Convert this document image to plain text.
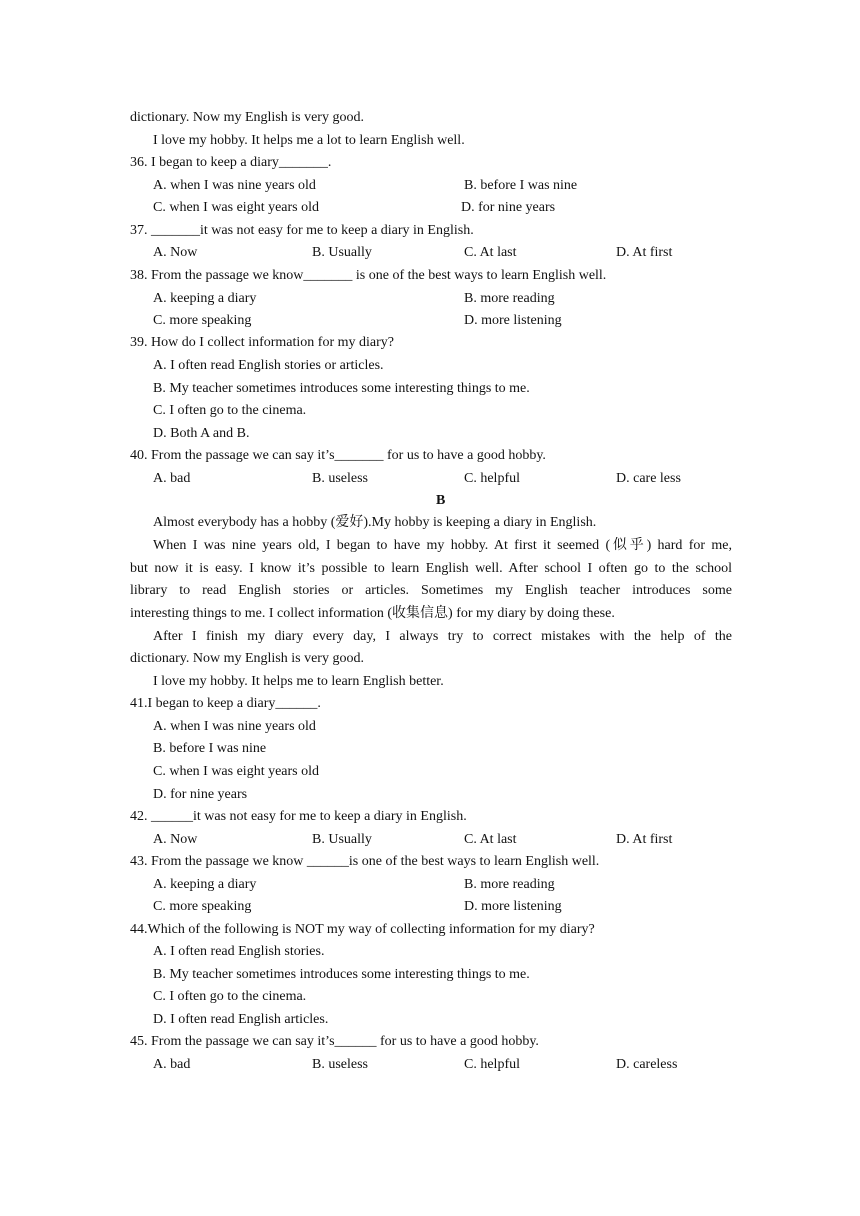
dictionary. Now my English is very good.
I love my hobby. It helps me a lot to learn English well.
36. I began to keep a diary_______.
A. when I was nine years old	B. before I was nine
C. when I was eight years old	D. for nine years
37. _______it was not easy for me to keep a diary in English.
A. Now	B. Usually	C. At last	D. At first
38. From the passage we know_______ is one of the best ways to learn English well.
A. keeping a diary	B. more reading
C. more speaking	D. more listening
39. How do I collect information for my diary?
A. I often read English stories or articles.
B. My teacher sometimes introduces some interesting things to me.
C. I often go to the cinema.
D. Both A and B.
40. From the passage we can say it’s_______ for us to have a good hobby.
A. bad	B. useless	C. helpful	D. care less
B
Almost everybody has a hobby (爱好).My hobby is keeping a diary in English.
When I was nine years old, I began to have my hobby. At first it seemed (似乎) hard for me,
but now it is easy. I know it’s possible to learn English well. After school I often go to the school
library to read English stories or articles. Sometimes my English teacher introduces some
interesting things to me. I collect information (收集信息) for my diary by doing these.
After I finish my diary every day, I always try to correct mistakes with the help of the
dictionary. Now my English is very good.
I love my hobby. It helps me to learn English better.
41.I began to keep a diary______.
A. when I was nine years old
B. before I was nine
C. when I was eight years old
D. for nine years
42. ______it was not easy for me to keep a diary in English.
A. Now	B. Usually	C. At last	D. At first
43. From the passage we know ______is one of the best ways to learn English well.
A. keeping a diary	B. more reading
C. more speaking	D. more listening
44.Which of the following is NOT my way of collecting information for my diary?
A. I often read English stories.
B. My teacher sometimes introduces some interesting things to me.
C. I often go to the cinema.
D. I often read English articles.
45. From the passage we can say it’s______ for us to have a good hobby.
A. bad	B. useless	C. helpful	D. careless
